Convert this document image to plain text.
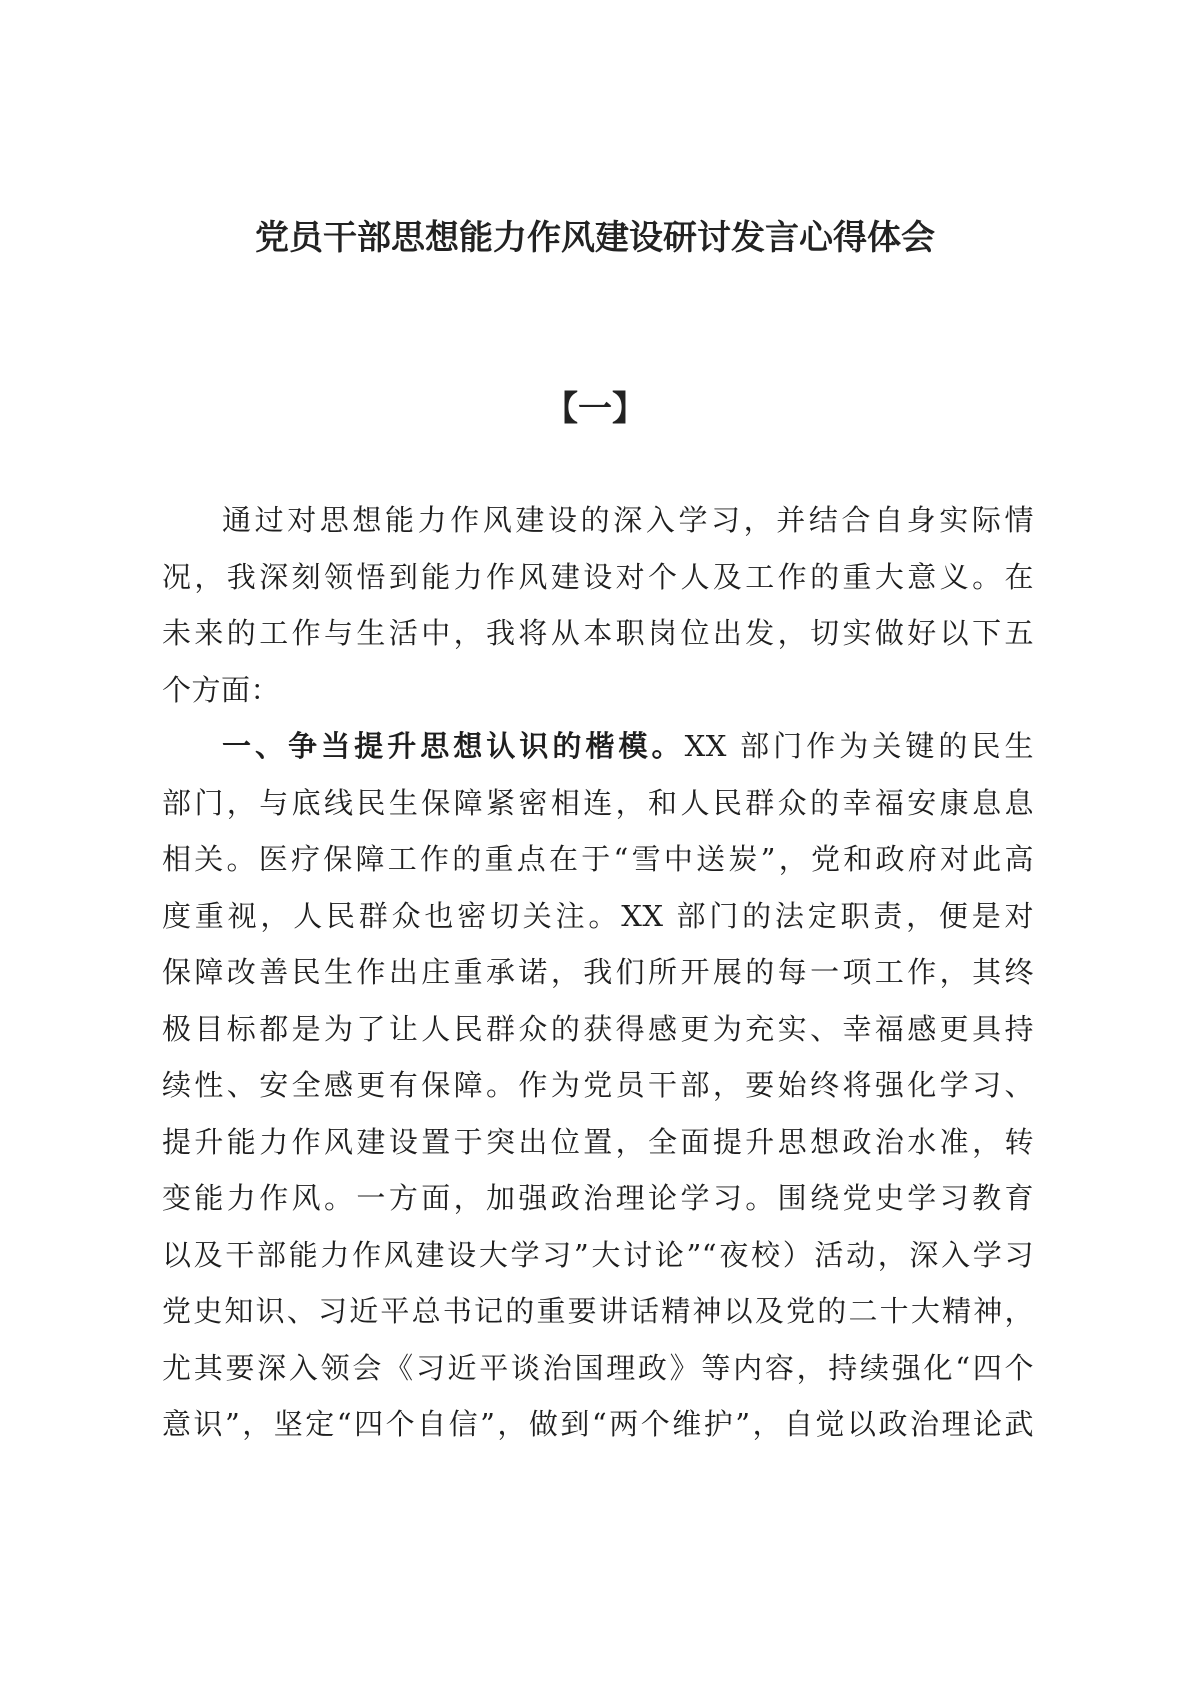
党员干部思想能力作风建设研讨发言心得体会
【一】
通过对思想能力作风建设的深入学习，并结合自身实际情
况，我深刻领悟到能力作风建设对个人及工作的重大意义。在
未来的工作与生活中，我将从本职岗位出发，切实做好以下五
个方面：
一、争当提升思想认识的楷模。XX 部门作为关键的民生
部门，与底线民生保障紧密相连，和人民群众的幸福安康息息
相关。医疗保障工作的重点在于“雪中送炭”，党和政府对此高
度重视，人民群众也密切关注。XX 部门的法定职责，便是对
保障改善民生作出庄重承诺，我们所开展的每一项工作，其终
极目标都是为了让人民群众的获得感更为充实、幸福感更具持
续性、安全感更有保障。作为党员干部，要始终将强化学习、
提升能力作风建设置于突出位置，全面提升思想政治水准，转
变能力作风。一方面，加强政治理论学习。围绕党史学习教育
以及干部能力作风建设大学习”大讨论”“夜校）活动，深入学习
党史知识、习近平总书记的重要讲话精神以及党的二十大精神，
尤其要深入领会《习近平谈治国理政》等内容，持续强化“四个
意识”，坚定“四个自信”，做到“两个维护”，自觉以政治理论武
